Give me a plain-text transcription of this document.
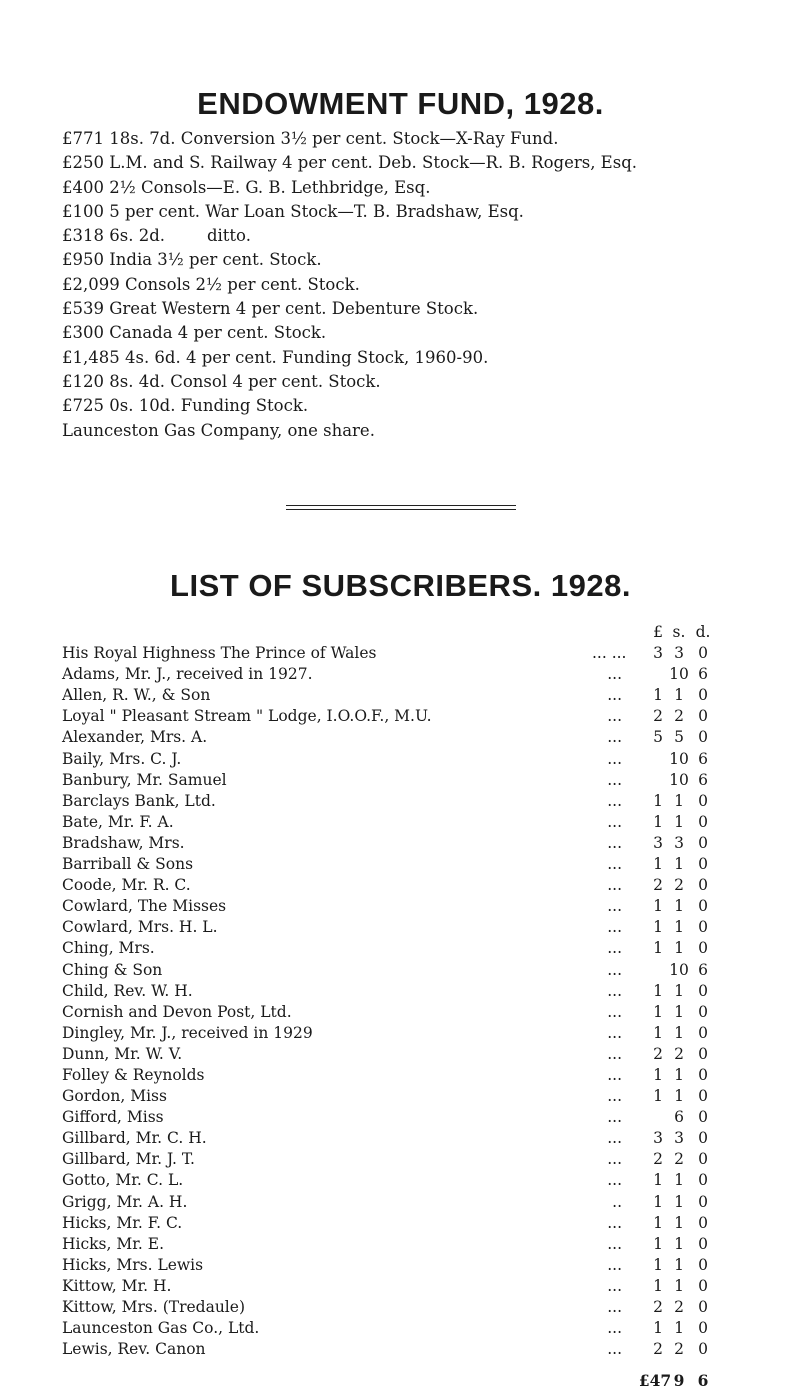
ENDOWMENT FUND, 1928.
£771 18s. 7d. Conversion 3½ per cent. Stock—X-Ray Fund.
£250 L.M. and S. Railway 4 per cent. Deb. Stock—R. B. Rogers, Esq.
£400 2½ Consols—E. G. B. Lethbridge, Esq.
£100 5 per cent. War Loan Stock—T. B. Bradshaw, Esq.
£318 6s. 2d.        ditto.
£950 India 3½ per cent. Stock.
£2,099 Consols 2½ per cent. Stock.
£539 Great Western 4 per cent. Debenture Stock.
£300 Canada 4 per cent. Stock.
£1,485 4s. 6d. 4 per cent. Funding Stock, 1960-90.
£120 8s. 4d. Consol 4 per cent. Stock.
£725 0s. 10d. Funding Stock.
Launceston Gas Company, one share.
LIST OF SUBSCRIBERS. 1928.
£ s. d.
His Royal Highness The Prince of Wales	... ...	3 3 0
Adams, Mr. J., received in 1927.	...	10 6
Allen, R. W., & Son	...	1 1 0
Loyal " Pleasant Stream " Lodge, I.O.O.F., M.U.	...	2 2 0
Alexander, Mrs. A.	...	5 5 0
Baily, Mrs. C. J.	...	10 6
Banbury, Mr. Samuel	...	10 6
Barclays Bank, Ltd.	...	1 1 0
Bate, Mr. F. A.	...	1 1 0
Bradshaw, Mrs.	...	3 3 0
Barriball & Sons	...	1 1 0
Coode, Mr. R. C.	...	2 2 0
Cowlard, The Misses	...	1 1 0
Cowlard, Mrs. H. L.	...	1 1 0
Ching, Mrs.	...	1 1 0
Ching & Son	...	10 6
Child, Rev. W. H.	...	1 1 0
Cornish and Devon Post, Ltd.	...	1 1 0
Dingley, Mr. J., received in 1929	...	1 1 0
Dunn, Mr. W. V.	...	2 2 0
Folley & Reynolds	...	1 1 0
Gordon, Miss	...	1 1 0
Gifford, Miss	...	6 0
Gillbard, Mr. C. H.	...	3 3 0
Gillbard, Mr. J. T.	...	2 2 0
Gotto, Mr. C. L.	...	1 1 0
Grigg, Mr. A. H.	..	1 1 0
Hicks, Mr. F. C.	...	1 1 0
Hicks, Mr. E.	...	1 1 0
Hicks, Mrs. Lewis	...	1 1 0
Kittow, Mr. H.	...	1 1 0
Kittow, Mrs. (Tredaule)	...	2 2 0
Launceston Gas Co., Ltd.	...	1 1 0
Lewis, Rev. Canon	...	2 2 0
£47 9 6
